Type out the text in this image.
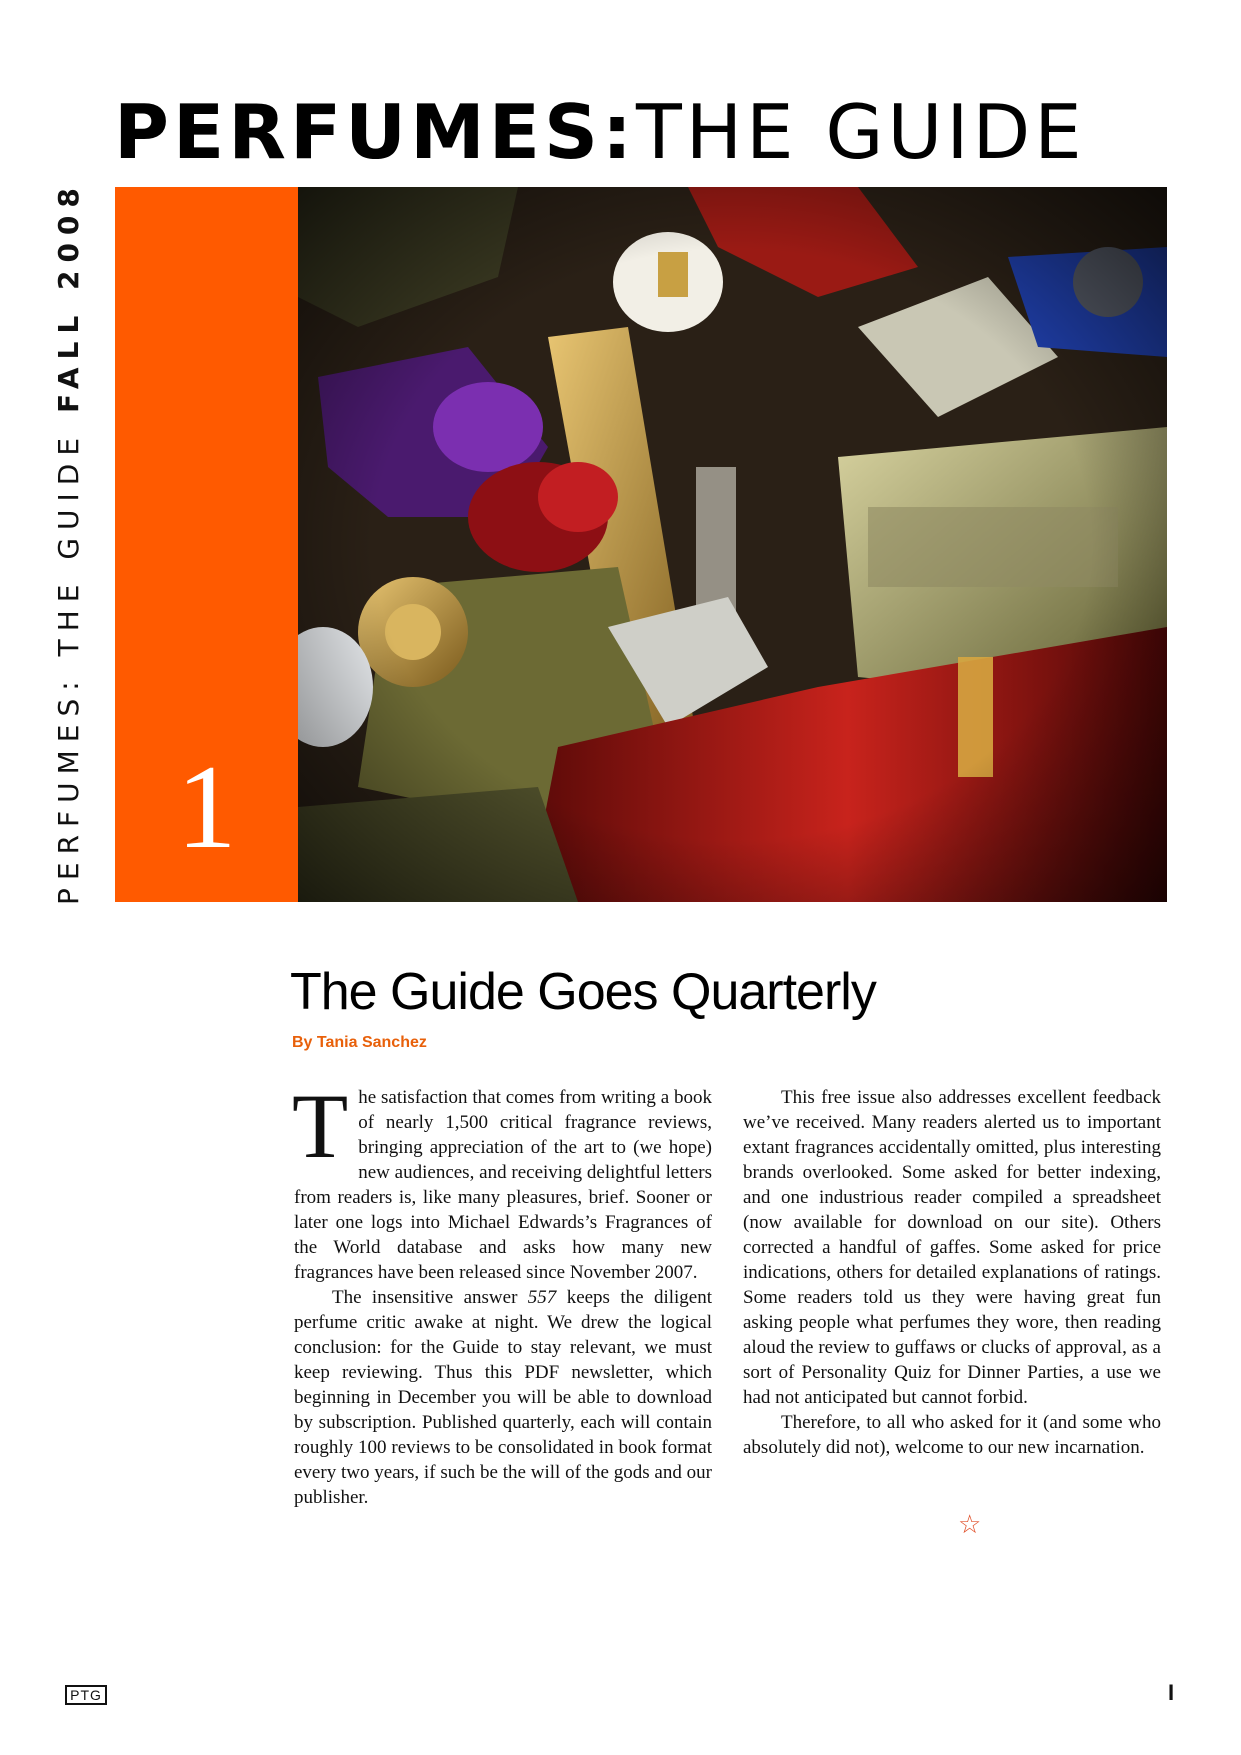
PERFUMES:THE GUIDE
PERFUMES: THE GUIDE FALL 2008
1
The Guide Goes Quarterly
By Tania Sanchez

The satisfaction that comes from writing a book of nearly 1,500 critical fragrance reviews, bringing appreciation of the art to (we hope) new audiences, and receiving delightful letters from readers is, like many pleasures, brief. Sooner or later one logs into Michael Edwards’s Fragrances of the World database and asks how many new fragrances have been released since November 2007.

The insensitive answer 557 keeps the diligent perfume critic awake at night. We drew the logical conclusion: for the Guide to stay relevant, we must keep reviewing. Thus this PDF newsletter, which beginning in December you will be able to download by subscription. Published quarterly, each will contain roughly 100 reviews to be consolidated in book format every two years, if such be the will of the gods and our publisher.

This free issue also addresses excellent feedback we’ve received. Many readers alerted us to important extant fragrances accidentally omitted, plus interesting brands overlooked. Some asked for better indexing, and one industrious reader compiled a spreadsheet (now available for download on our site). Others corrected a handful of gaffes. Some asked for price indications, others for detailed explanations of ratings. Some readers told us they were having great fun asking people what perfumes they wore, then reading aloud the review to guffaws or clucks of approval, as a sort of Personality Quiz for Dinner Parties, a use we had not anticipated but cannot forbid.

Therefore, to all who asked for it (and some who absolutely did not), welcome to our new incarnation.

☆
PTG	I
